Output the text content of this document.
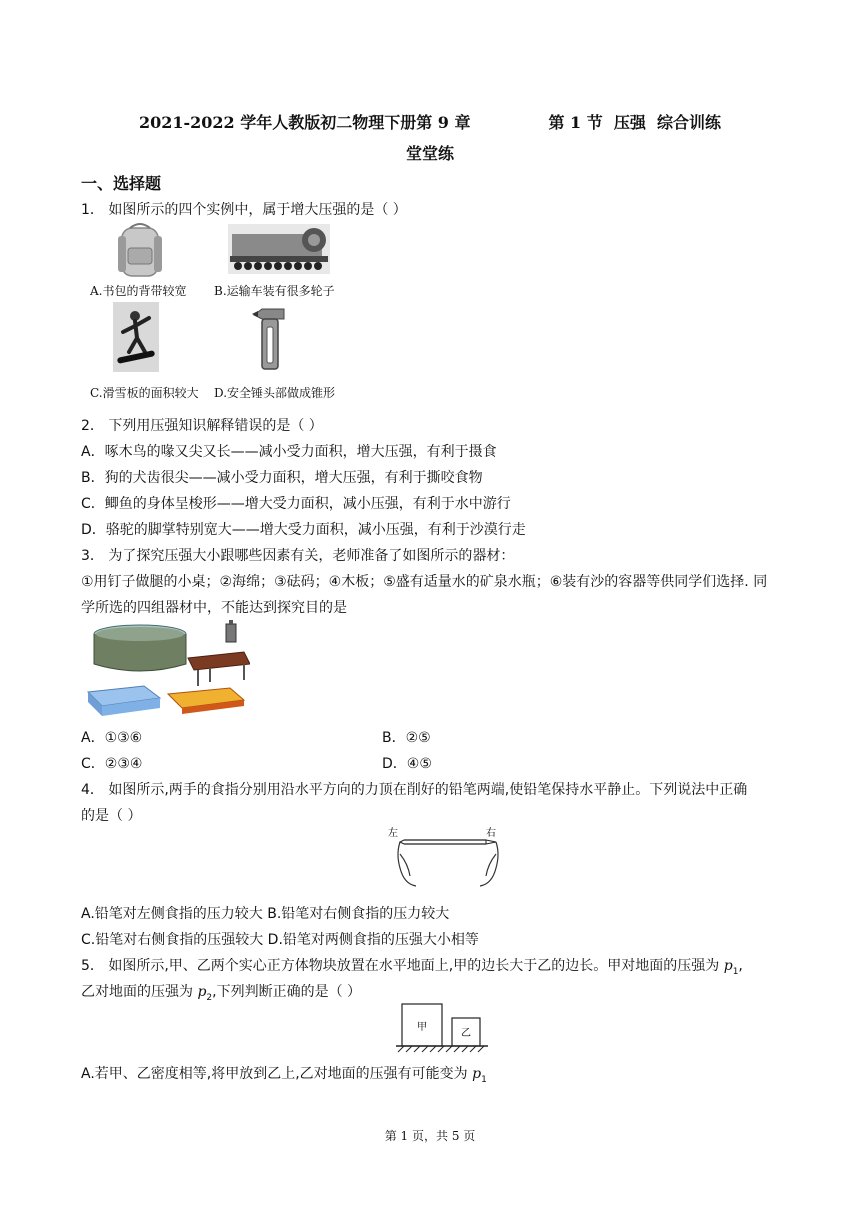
2021-2022 学年人教版初二物理下册第 9 章              第 1 节  压强  综合训练
堂堂练
一、选择题
1． 如图所示的四个实例中，属于增大压强的是（ ）
A.书包的背带较宽 B.运输车装有很多轮子
C.滑雪板的面积较大 D.安全锤头部做成锥形
2． 下列用压强知识解释错误的是（ ）
A．啄木鸟的喙又尖又长——减小受力面积，增大压强，有利于摄食
B．狗的犬齿很尖——减小受力面积，增大压强，有利于撕咬食物
C．鲫鱼的身体呈梭形——增大受力面积，减小压强，有利于水中游行
D．骆驼的脚掌特别宽大——增大受力面积，减小压强，有利于沙漠行走
3． 为了探究压强大小跟哪些因素有关，老师准备了如图所示的器材：
①用钉子做腿的小桌；②海绵；③砝码；④木板；⑤盛有适量水的矿泉水瓶；⑥装有沙的容器等供同学们选择. 同
学所选的四组器材中，不能达到探究目的是
A．①③⑥	B．②⑤
C．②③④	D．④⑤
4． 如图所示,两手的食指分别用沿水平方向的力顶在削好的铅笔两端,使铅笔保持水平静止。下列说法中正确
的是（ ）
左	右
A.铅笔对左侧食指的压力较大 B.铅笔对右侧食指的压力较大
C.铅笔对右侧食指的压强较大 D.铅笔对两侧食指的压强大小相等
5． 如图所示,甲、乙两个实心正方体物块放置在水平地面上,甲的边长大于乙的边长。甲对地面的压强为 $p_1$,
乙对地面的压强为 $p_2$,下列判断正确的是（ ）
甲
乙
A.若甲、乙密度相等,将甲放到乙上,乙对地面的压强有可能变为 $p_1$
第 1 页，共 5 页
